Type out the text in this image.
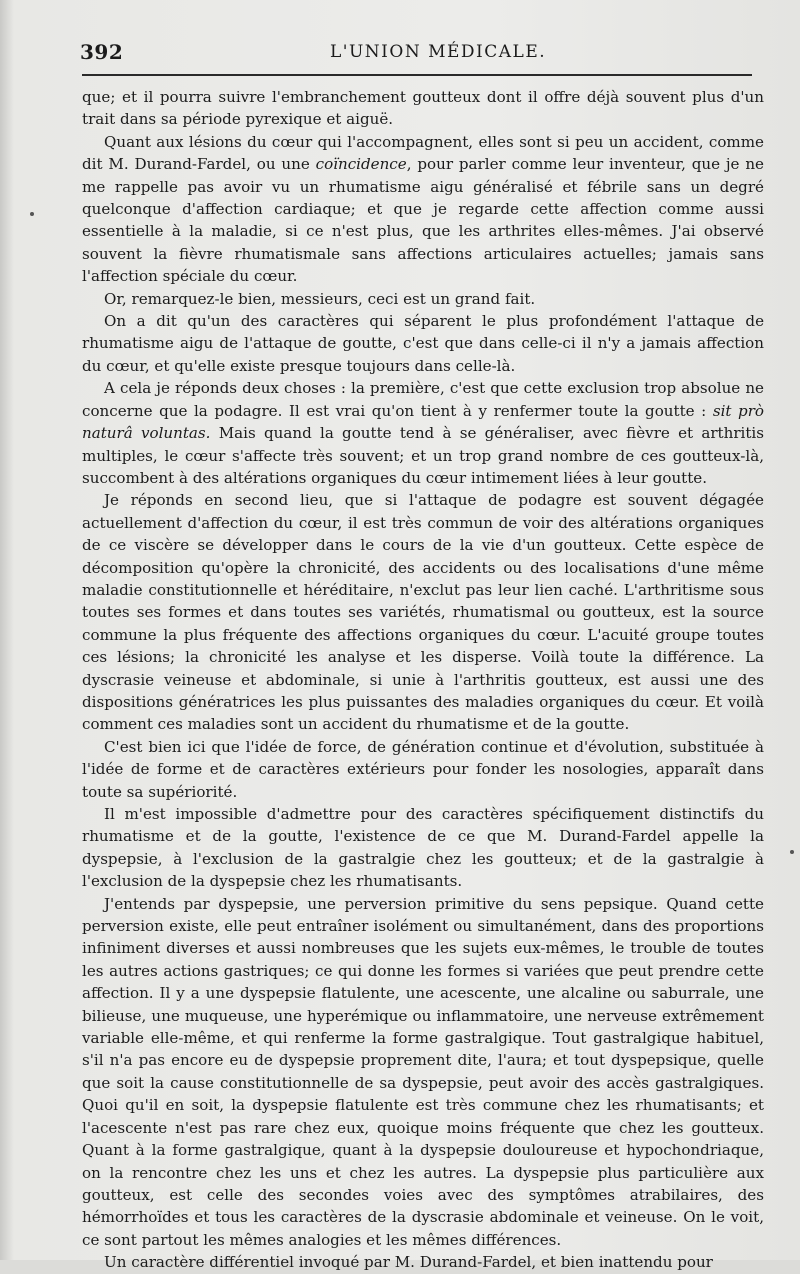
392	L'UNION MÉDICALE.

que; et il pourra suivre l'embranchement goutteux dont il offre déjà souvent plus d'un trait dans sa période pyrexique et aiguë.

Quant aux lésions du cœur qui l'accompagnent, elles sont si peu un accident, comme dit M. Durand-Fardel, ou une coïncidence, pour parler comme leur inventeur, que je ne me rappelle pas avoir vu un rhumatisme aigu généralisé et fébrile sans un degré quelconque d'affection cardiaque; et que je regarde cette affection comme aussi essentielle à la maladie, si ce n'est plus, que les arthrites elles-mêmes. J'ai observé souvent la fièvre rhumatismale sans affections articulaires actuelles; jamais sans l'affection spéciale du cœur.

Or, remarquez-le bien, messieurs, ceci est un grand fait.

On a dit qu'un des caractères qui séparent le plus profondément l'attaque de rhumatisme aigu de l'attaque de goutte, c'est que dans celle-ci il n'y a jamais affection du cœur, et qu'elle existe presque toujours dans celle-là.

A cela je réponds deux choses : la première, c'est que cette exclusion trop absolue ne concerne que la podagre. Il est vrai qu'on tient à y renfermer toute la goutte : sit prò naturâ voluntas. Mais quand la goutte tend à se généraliser, avec fièvre et arthritis multiples, le cœur s'affecte très souvent; et un trop grand nombre de ces goutteux-là, succombent à des altérations organiques du cœur intimement liées à leur goutte.

Je réponds en second lieu, que si l'attaque de podagre est souvent dégagée actuellement d'affection du cœur, il est très commun de voir des altérations organiques de ce viscère se développer dans le cours de la vie d'un goutteux. Cette espèce de décomposition qu'opère la chronicité, des accidents ou des localisations d'une même maladie constitutionnelle et héréditaire, n'exclut pas leur lien caché. L'arthritisme sous toutes ses formes et dans toutes ses variétés, rhumatismal ou goutteux, est la source commune la plus fréquente des affections organiques du cœur. L'acuité groupe toutes ces lésions; la chronicité les analyse et les disperse. Voilà toute la différence. La dyscrasie veineuse et abdominale, si unie à l'arthritis goutteux, est aussi une des dispositions génératrices les plus puissantes des maladies organiques du cœur. Et voilà comment ces maladies sont un accident du rhumatisme et de la goutte.

C'est bien ici que l'idée de force, de génération continue et d'évolution, substituée à l'idée de forme et de caractères extérieurs pour fonder les nosologies, apparaît dans toute sa supériorité.

Il m'est impossible d'admettre pour des caractères spécifiquement distinctifs du rhumatisme et de la goutte, l'existence de ce que M. Durand-Fardel appelle la dyspepsie, à l'exclusion de la gastralgie chez les goutteux; et de la gastralgie à l'exclusion de la dyspepsie chez les rhumatisants.

J'entends par dyspepsie, une perversion primitive du sens pepsique. Quand cette perversion existe, elle peut entraîner isolément ou simultanément, dans des proportions infiniment diverses et aussi nombreuses que les sujets eux-mêmes, le trouble de toutes les autres actions gastriques; ce qui donne les formes si variées que peut prendre cette affection. Il y a une dyspepsie flatulente, une acescente, une alcaline ou saburrale, une bilieuse, une muqueuse, une hyperémique ou inflammatoire, une nerveuse extrêmement variable elle-même, et qui renferme la forme gastralgique. Tout gastralgique habituel, s'il n'a pas encore eu de dyspepsie proprement dite, l'aura; et tout dyspepsique, quelle que soit la cause constitutionnelle de sa dyspepsie, peut avoir des accès gastralgiques. Quoi qu'il en soit, la dyspepsie flatulente est très commune chez les rhumatisants; et l'acescente n'est pas rare chez eux, quoique moins fréquente que chez les goutteux. Quant à la forme gastralgique, quant à la dyspepsie douloureuse et hypochondriaque, on la rencontre chez les uns et chez les autres. La dyspepsie plus particulière aux goutteux, est celle des secondes voies avec des symptômes atrabilaires, des hémorrhoïdes et tous les caractères de la dyscrasie abdominale et veineuse. On le voit, ce sont partout les mêmes analogies et les mêmes différences.

Un caractère différentiel invoqué par M. Durand-Fardel, et bien inattendu pour
